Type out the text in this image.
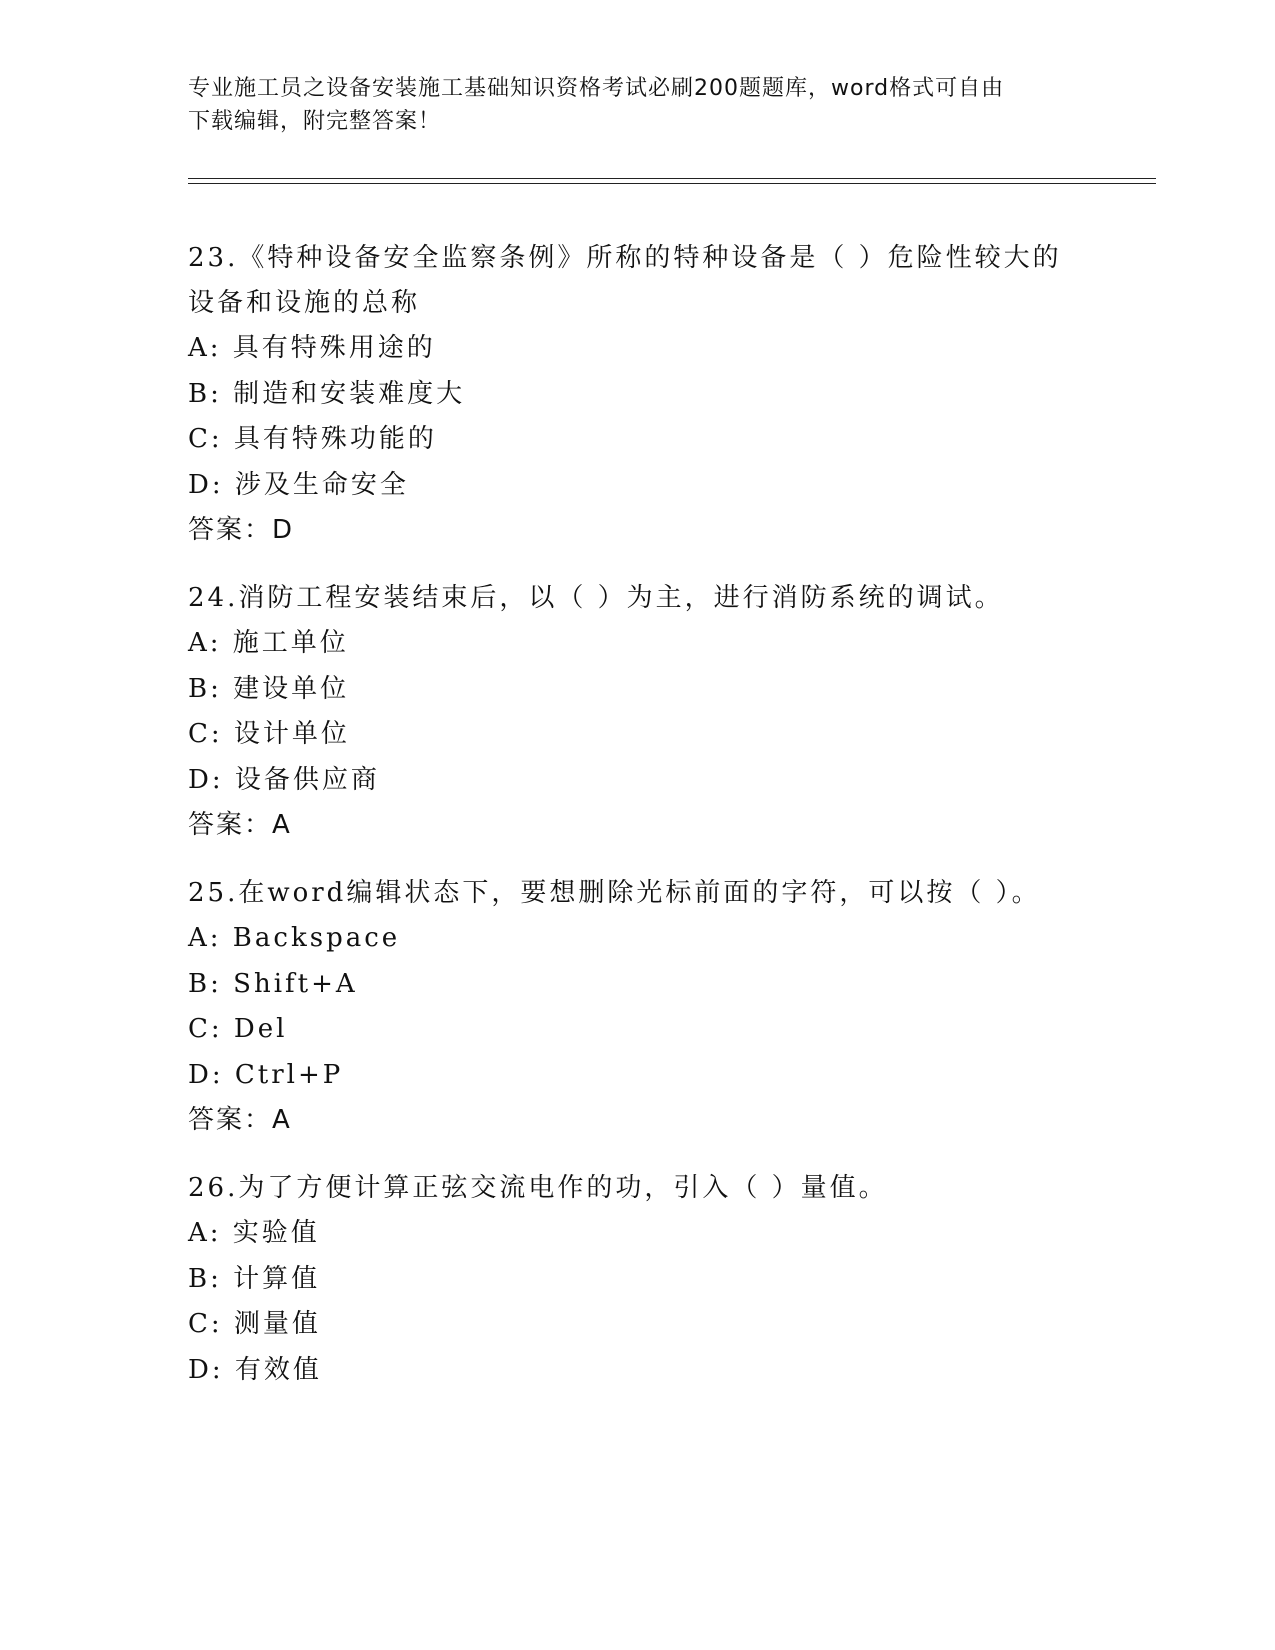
专业施工员之设备安装施工基础知识资格考试必刷200题题库，word格式可自由
下载编辑，附完整答案！

23.《特种设备安全监察条例》所称的特种设备是（ ）危险性较大的

设备和设施的总称

A: 具有特殊用途的

B: 制造和安装难度大

C: 具有特殊功能的

D: 涉及生命安全

答案：D

24.消防工程安装结束后，以（ ）为主，进行消防系统的调试。

A: 施工单位

B: 建设单位

C: 设计单位

D: 设备供应商

答案：A

25.在word编辑状态下，要想删除光标前面的字符，可以按（ ）。

A: Backspace

B: Shift+A

C: Del

D: Ctrl+P

答案：A

26.为了方便计算正弦交流电作的功，引入（ ）量值。

A: 实验值

B: 计算值

C: 测量值

D: 有效值
